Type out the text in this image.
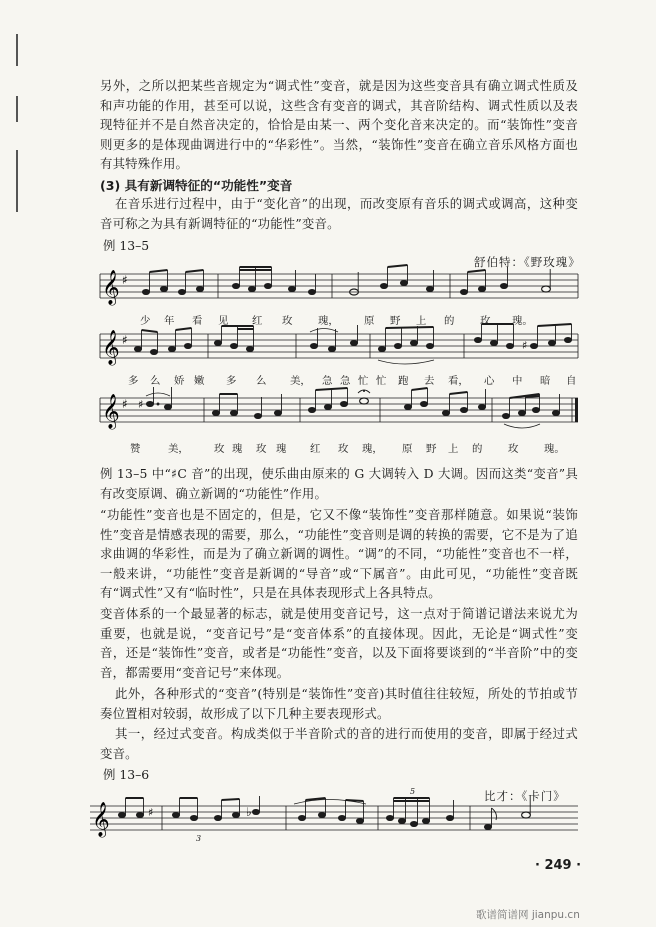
另外，之所以把某些音规定为“调式性”变音，就是因为这些变音具有确立调式性质及和声功能的作用，甚至可以说，这些含有变音的调式，其音阶结构、调式性质以及表现特征并不是自然音决定的，恰恰是由某一、两个变化音来决定的。而“装饰性”变音则更多的是体现曲调进行中的“华彩性”。当然，“装饰性”变音在确立音乐风格方面也有其特殊作用。

(3) 具有新调特征的“功能性”变音

在音乐进行过程中，由于“变化音”的出现，而改变原有音乐的调式或调高，这种变音可称之为具有新调特征的“功能性”变音。

例 13–5
舒伯特：《野玫瑰》
𝄞 ♯
少 年 看 见 红 玫 瑰， 原 野 上 的 玫 瑰。
𝄞 ♯	♯
多 么 娇 嫩 多 么 美， 急 急 忙 忙 跑 去 看， 心 中 暗 自
𝄞 ♯ ♯
赞	美， 玫 瑰 玫 瑰 红 玫 瑰， 原 野 上 的 玫 瑰。

例 13–5 中“♯C 音”的出现，使乐曲由原来的 G 大调转入 D 大调。因而这类“变音”具有改变原调、确立新调的“功能性”作用。

“功能性”变音也是不固定的，但是，它又不像“装饰性”变音那样随意。如果说“装饰性”变音是情感表现的需要，那么，“功能性”变音则是调的转换的需要，它不是为了追求曲调的华彩性，而是为了确立新调的调性。“调”的不同，“功能性”变音也不一样，一般来讲，“功能性”变音是新调的“导音”或“下属音”。由此可见，“功能性”变音既有“调式性”又有“临时性”，只是在具体表现形式上各具特点。

变音体系的一个最显著的标志，就是使用变音记号，这一点对于简谱记谱法来说尤为重要，也就是说，“变音记号”是“变音体系”的直接体现。因此，无论是“调式性”变音，还是“装饰性”变音，或者是“功能性”变音，以及下面将要谈到的“半音阶”中的变音，都需要用“变音记号”来体现。

此外，各种形式的“变音”(特别是“装饰性”变音)其时值往往较短，所处的节拍或节奏位置相对较弱，故形成了以下几种主要表现形式。

其一，经过式变音。构成类似于半音阶式的音的进行而使用的变音，即属于经过式变音。

例 13–6
比才：《卡门》
𝄞	♯	♭
3
5
· 249 ·
歌谱简谱网 jianpu.cn
